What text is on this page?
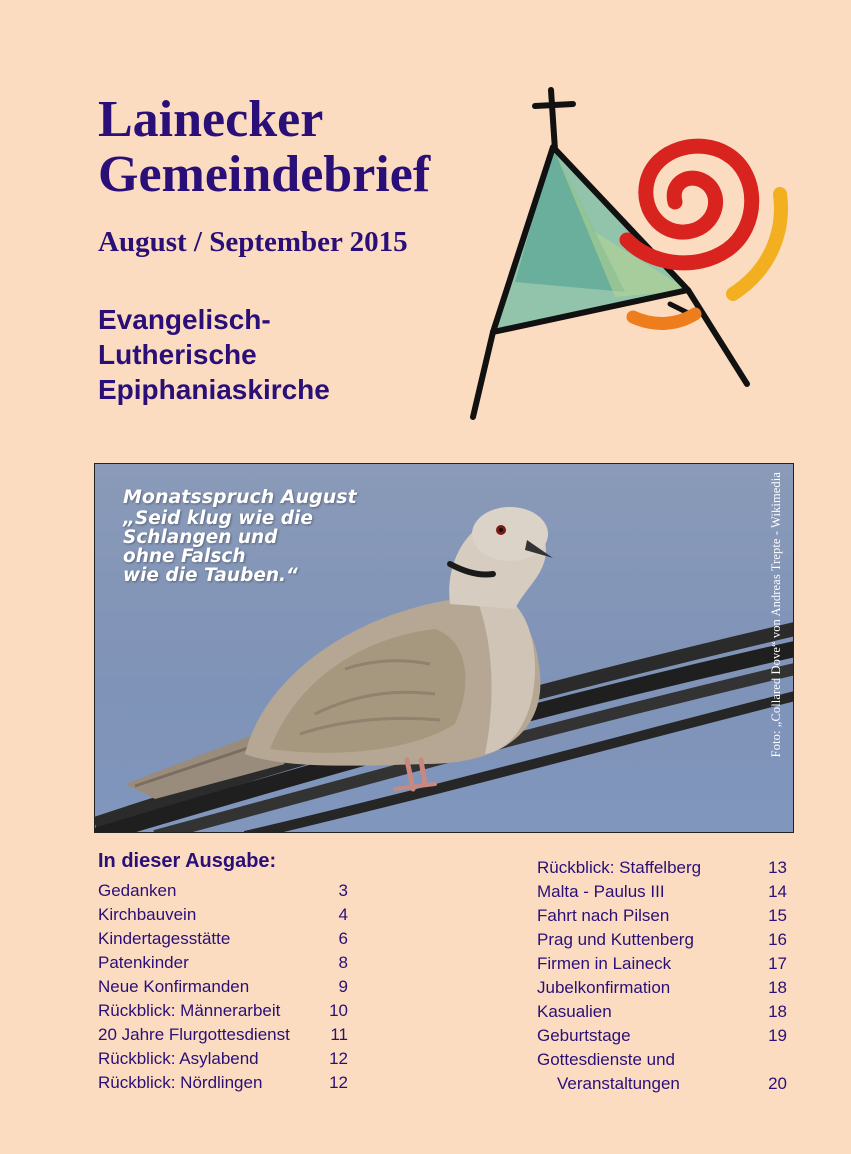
Lainecker
Gemeindebrief
August / September 2015
Evangelisch-
Lutherische
Epiphaniaskirche
Monatsspruch August
„Seid klug wie die
Schlangen und
ohne Falsch
wie die Tauben.“	Foto: „Collared Dove“ von Andreas Trepte - Wikimedia
In dieser Ausgabe:
Gedanken	3
Kirchbauvein	4
Kindertagesstätte	6
Patenkinder	8
Neue Konfirmanden	9
Rückblick: Männerarbeit	10
20 Jahre Flurgottesdienst 11
Rückblick: Asylabend	12
Rückblick: Nördlingen	12
Rückblick: Staffelberg	13
Malta - Paulus III	14
Fahrt nach Pilsen	15
Prag und Kuttenberg	16
Firmen in Laineck	17
Jubelkonfirmation	18
Kasualien	18
Geburtstage	19
Gottesdienste und
Veranstaltungen	20
